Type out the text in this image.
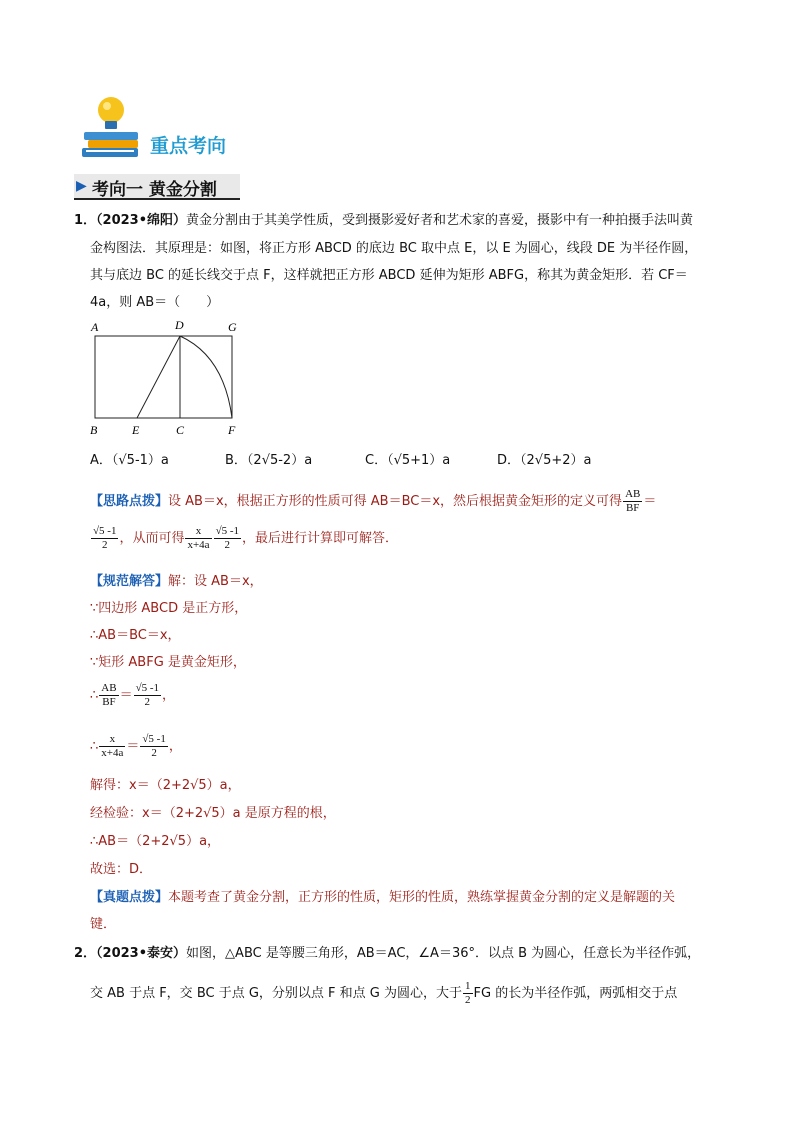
重点考向
▶ 考向一 黄金分割
1．（2023•绵阳）黄金分割由于其美学性质，受到摄影爱好者和艺术家的喜爱，摄影中有一种拍摄手法叫黄
金构图法．其原理是：如图，将正方形 ABCD 的底边 BC 取中点 E，以 E 为圆心，线段 DE 为半径作圆，
其与底边 BC 的延长线交于点 F，这样就把正方形 ABCD 延伸为矩形 ABFG，称其为黄金矩形．若 CF＝
4a，则 AB＝（　　）
A	D	G
B	E	C	F
A．（√5-1）a	B．（2√5-2）a	C．（√5+1）a	D．（2√5+2）a
【思路点拨】设 AB＝x，根据正方形的性质可得 AB＝BC＝x，然后根据黄金矩形的定义可得 $\frac{AB}{BF}$ ＝
$\frac{√5 -1}{2}$ ，从而可得 $\frac{x}{x+4a} \frac{√5 -1}{2}$ ，最后进行计算即可解答．
【规范解答】解：设 AB＝x，
∵四边形 ABCD 是正方形，
∴AB＝BC＝x，
∵矩形 ABFG 是黄金矩形，
∴ $\frac{AB}{BF} = \frac{√5 -1}{2}$ ，
∴ $\frac{x}{x+4a} = \frac{√5 -1}{2}$ ，
解得：x＝（2+2√5）a，
经检验：x＝（2+2√5）a 是原方程的根，
∴AB＝（2+2√5）a，
故选：D．
【真题点拨】本题考查了黄金分割，正方形的性质，矩形的性质，熟练掌握黄金分割的定义是解题的关
键．
2．（2023•泰安）如图，△ABC 是等腰三角形，AB＝AC，∠A＝36°．以点 B 为圆心，任意长为半径作弧，
交 AB 于点 F，交 BC 于点 G，分别以点 F 和点 G 为圆心，大于 $\frac{1}{2}$ FG 的长为半径作弧，两弧相交于点
